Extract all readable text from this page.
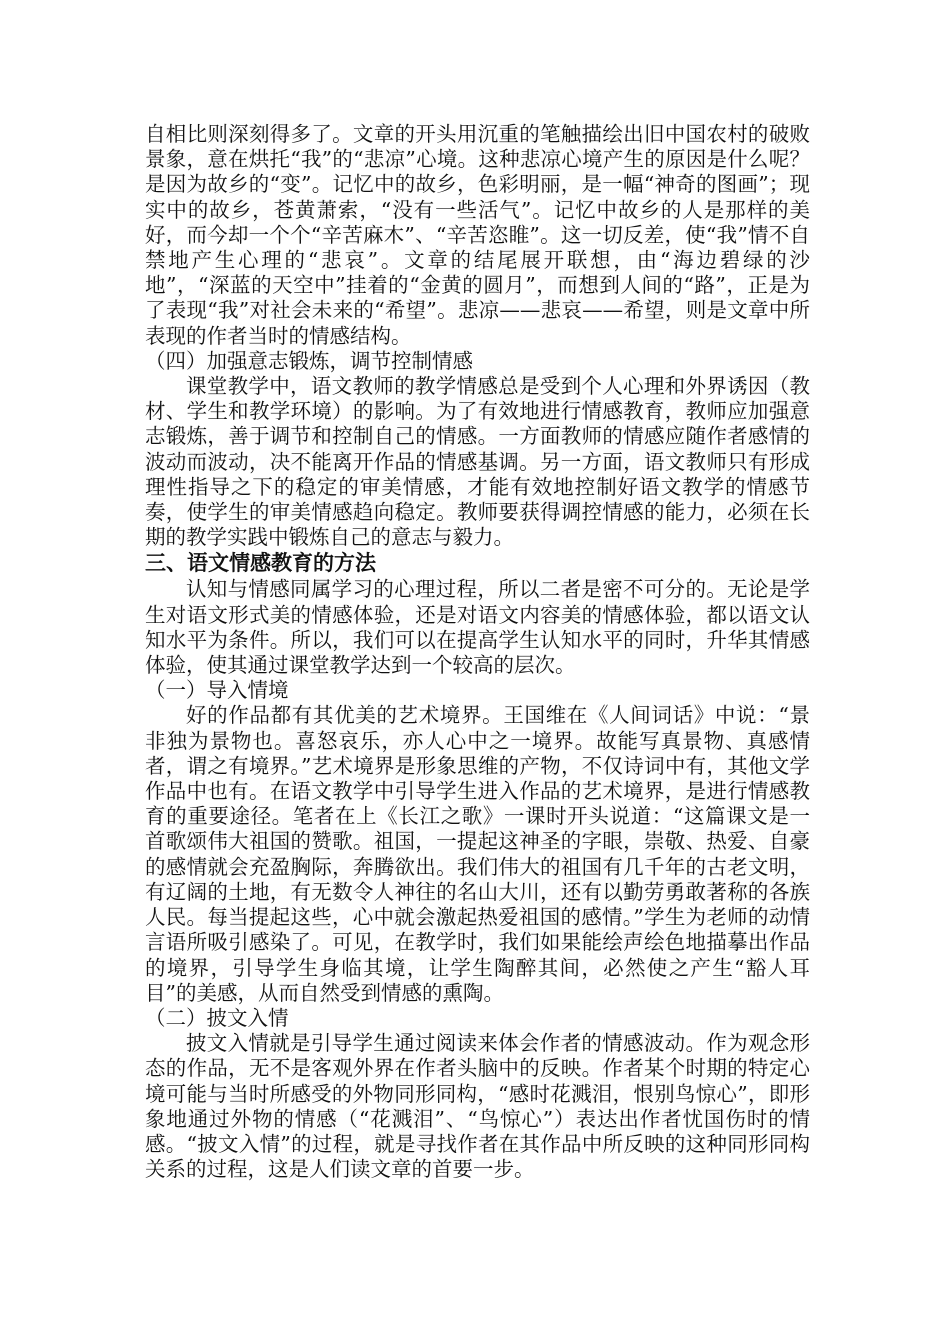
自相比则深刻得多了。文章的开头用沉重的笔触描绘出旧中国农村的破败景象，意在烘托“我”的“悲凉”心境。这种悲凉心境产生的原因是什么呢？是因为故乡的“变”。记忆中的故乡，色彩明丽，是一幅“神奇的图画”；现实中的故乡，苍黄萧索，“没有一些活气”。记忆中故乡的人是那样的美好，而今却一个个“辛苦麻木”、“辛苦恣睢”。这一切反差，使“我”情不自禁地产生心理的“悲哀”。文章的结尾展开联想，由“海边碧绿的沙地”，“深蓝的天空中”挂着的“金黄的圆月”，而想到人间的“路”，正是为了表现“我”对社会未来的“希望”。悲凉——悲哀——希望，则是文章中所表现的作者当时的情感结构。

（四）加强意志锻炼，调节控制情感

课堂教学中，语文教师的教学情感总是受到个人心理和外界诱因（教材、学生和教学环境）的影响。为了有效地进行情感教育，教师应加强意志锻炼，善于调节和控制自己的情感。一方面教师的情感应随作者感情的波动而波动，决不能离开作品的情感基调。另一方面，语文教师只有形成理性指导之下的稳定的审美情感，才能有效地控制好语文教学的情感节奏，使学生的审美情感趋向稳定。教师要获得调控情感的能力，必须在长期的教学实践中锻炼自己的意志与毅力。

三、语文情感教育的方法

认知与情感同属学习的心理过程，所以二者是密不可分的。无论是学生对语文形式美的情感体验，还是对语文内容美的情感体验，都以语文认知水平为条件。所以，我们可以在提高学生认知水平的同时，升华其情感体验，使其通过课堂教学达到一个较高的层次。

（一）导入情境

好的作品都有其优美的艺术境界。王国维在《人间词话》中说：“景非独为景物也。喜怒哀乐，亦人心中之一境界。故能写真景物、真感情者，谓之有境界。”艺术境界是形象思维的产物，不仅诗词中有，其他文学作品中也有。在语文教学中引导学生进入作品的艺术境界，是进行情感教育的重要途径。笔者在上《长江之歌》一课时开头说道：“这篇课文是一首歌颂伟大祖国的赞歌。祖国，一提起这神圣的字眼，崇敬、热爱、自豪的感情就会充盈胸际，奔腾欲出。我们伟大的祖国有几千年的古老文明，有辽阔的土地，有无数令人神往的名山大川，还有以勤劳勇敢著称的各族人民。每当提起这些，心中就会激起热爱祖国的感情。”学生为老师的动情言语所吸引感染了。可见，在教学时，我们如果能绘声绘色地描摹出作品的境界，引导学生身临其境，让学生陶醉其间，必然使之产生“豁人耳目”的美感，从而自然受到情感的熏陶。

（二）披文入情

披文入情就是引导学生通过阅读来体会作者的情感波动。作为观念形态的作品，无不是客观外界在作者头脑中的反映。作者某个时期的特定心境可能与当时所感受的外物同形同构，“感时花溅泪，恨别鸟惊心”，即形象地通过外物的情感（“花溅泪”、“鸟惊心”）表达出作者忧国伤时的情感。“披文入情”的过程，就是寻找作者在其作品中所反映的这种同形同构关系的过程，这是人们读文章的首要一步。
